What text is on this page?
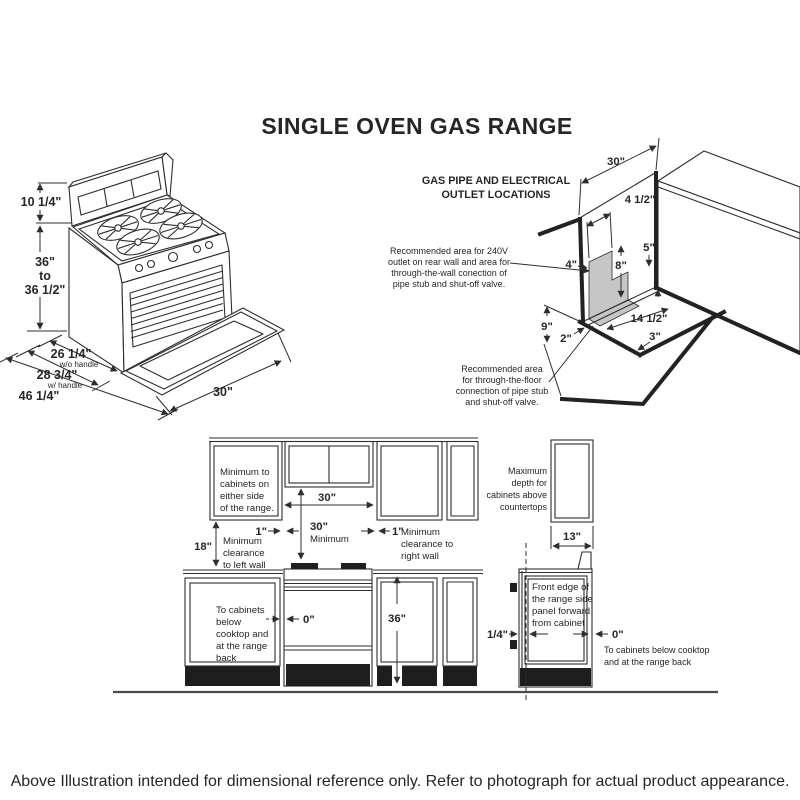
SINGLE OVEN GAS RANGE
10 1/4"
36"
to
36 1/2"
26 1/4"
w/o handle
28 3/4"
w/ handle
46 1/4"	30"
GAS PIPE AND ELECTRICAL
OUTLET LOCATIONS
30"
4 1/2"
4"	8"
5"
9"
2"
14 1/2"
3"
Recommended area for 240V
outlet on rear wall and area for
through-the-wall conection of
pipe stub and shut-off valve.
Recommended area
for through-the-floor
connection of pipe stub
and shut-off valve.
Minimum to
cabinets on
either side
of the range.
30"
30"
Minimum
1"	1"
Minimum
clearance to
right wall
18" Minimum
clearance
to left wall
To cabinets
below
cooktop and
at the range
back
0"	36"
Maximum
depth for
cabinets above
countertops
13"
Front edge of
the range side
panel forward
from cabinet
1/4"	0"
To cabinets below cooktop
and at the range back
Above Illustration intended for dimensional reference only. Refer to photograph for actual product appearance.
